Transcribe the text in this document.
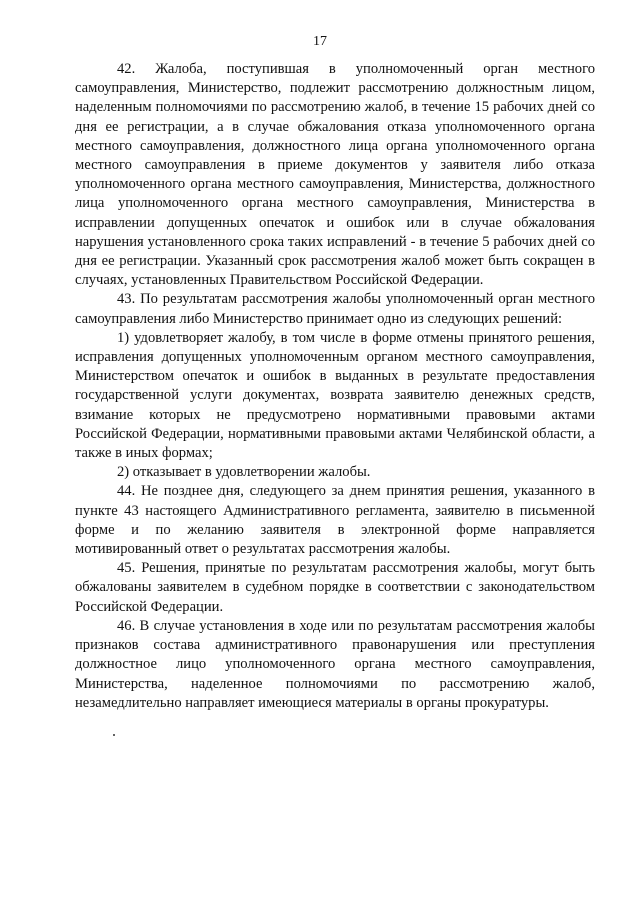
17

42. Жалоба, поступившая в уполномоченный орган местного самоуправления, Министерство, подлежит рассмотрению должностным лицом, наделенным полномочиями по рассмотрению жалоб, в течение 15 рабочих дней со дня ее регистрации, а в случае обжалования отказа уполномоченного органа местного самоуправления, должностного лица органа уполномоченного органа местного самоуправления в приеме документов у заявителя либо отказа уполномоченного органа местного самоуправления, Министерства, должностного лица уполномоченного органа местного самоуправления, Министерства в исправлении допущенных опечаток и ошибок или в случае обжалования нарушения установленного срока таких исправлений - в течение 5 рабочих дней со дня ее регистрации. Указанный срок рассмотрения жалоб может быть сокращен в случаях, установленных Правительством Российской Федерации.

43. По результатам рассмотрения жалобы уполномоченный орган местного самоуправления либо Министерство принимает одно из следующих решений:

1) удовлетворяет жалобу, в том числе в форме отмены принятого решения, исправления допущенных уполномоченным органом местного самоуправления, Министерством опечаток и ошибок в выданных в результате предоставления государственной услуги документах, возврата заявителю денежных средств, взимание которых не предусмотрено нормативными правовыми актами Российской Федерации, нормативными правовыми актами Челябинской области, а также в иных формах;

2) отказывает в удовлетворении жалобы.

44. Не позднее дня, следующего за днем принятия решения, указанного в пункте 43 настоящего Административного регламента, заявителю в письменной форме и по желанию заявителя в электронной форме направляется мотивированный ответ о результатах рассмотрения жалобы.

45. Решения, принятые по результатам рассмотрения жалобы, могут быть обжалованы заявителем в судебном порядке в соответствии с законодательством Российской Федерации.

46. В случае установления в ходе или по результатам рассмотрения жалобы признаков состава административного правонарушения или преступления должностное лицо уполномоченного органа местного самоуправления, Министерства, наделенное полномочиями по рассмотрению жалоб, незамедлительно направляет имеющиеся материалы в органы прокуратуры.
